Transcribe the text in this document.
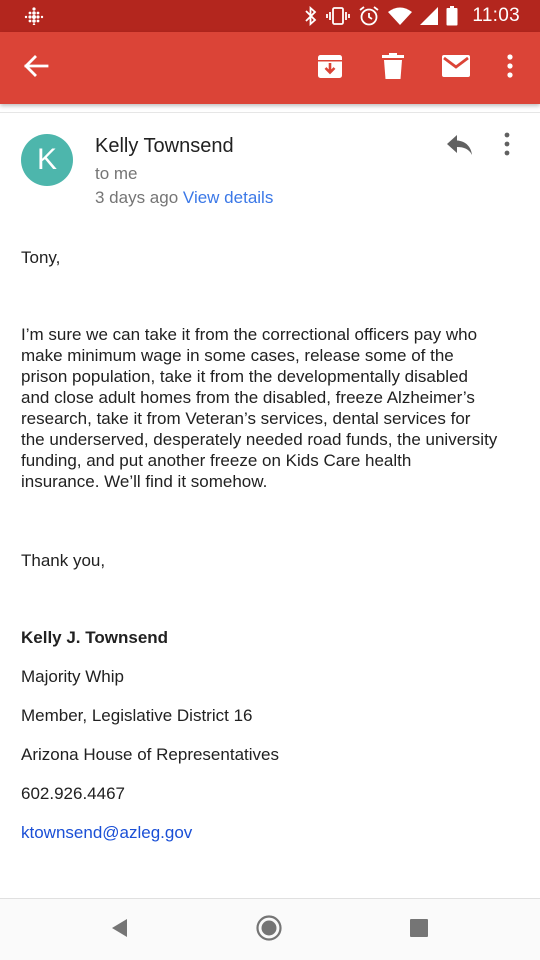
11:03
K	Kelly Townsend
to me
3 days ago View details
Tony,
I’m sure we can take it from the correctional officers pay who
make minimum wage in some cases, release some of the
prison population, take it from the developmentally disabled
and close adult homes from the disabled, freeze Alzheimer’s
research, take it from Veteran’s services, dental services for
the underserved, desperately needed road funds, the university
funding, and put another freeze on Kids Care health
insurance. We’ll find it somehow.
Thank you,
Kelly J. Townsend
Majority Whip
Member, Legislative District 16
Arizona House of Representatives
602.926.4467
ktownsend@azleg.gov
